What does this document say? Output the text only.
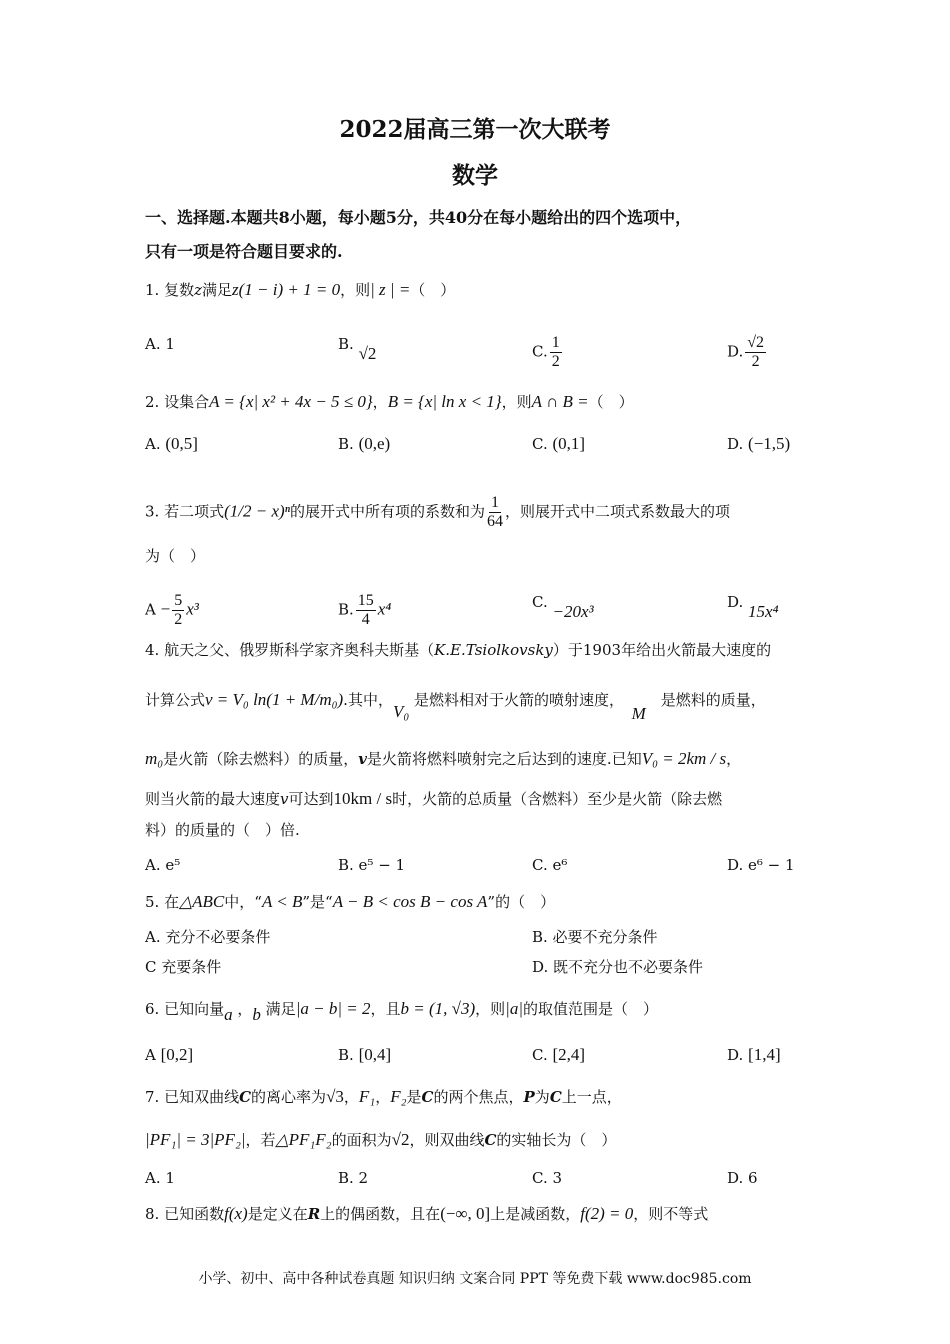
2022届高三第一次大联考
数学
一、选择题.本题共8小题，每小题5分，共40分在每小题给出的四个选项中，
只有一项是符合题目要求的.
1. 复数z满足z(1 − i) + 1 = 0，则| z | =（　）
A. 1	B. √2	C. $\frac{1}{2}$	D. $\frac{√2}{2}$
2. 设集合A = {x| x² + 4x − 5 ≤ 0}，B = {x| ln x < 1}，则A ∩ B =（　）
A. (0,5]	B. (0,e)	C. (0,1]	D. (−1,5)
3. 若二项式(1/2 − x)ⁿ的展开式中所有项的系数和为 $\frac{1}{64}$ ，则展开式中二项式系数最大的项
为（　）
$A - \frac{5}{2} x^3$	B. $\frac{15}{4} x^4$	C. −20x³	D. 15x⁴
4. 航天之父、俄罗斯科学家齐奥科夫斯基（K.E.Tsiolkovsky）于1903年给出火箭最大速度的
计算公式v = V₀ ln(1 + M/m₀).其中，V₀ 是燃料相对于火箭的喷射速度，　M　是燃料的质量，
m₀是火箭（除去燃料）的质量，v是火箭将燃料喷射完之后达到的速度.已知V₀ = 2km / s，
则当火箭的最大速度v可达到10km / s时，火箭的总质量（含燃料）至少是火箭（除去燃
料）的质量的（　）倍.
A. e⁵	B. e⁵ − 1	C. e⁶	D. e⁶ − 1
5. 在△ABC中，“A < B”是“A − B < cos B − cos A”的（　）
A. 充分不必要条件	B. 必要不充分条件
C 充要条件	D. 既不充分也不必要条件
6. 已知向量a ，b 满足|a − b| = 2，且b = (1, √3)，则|a|的取值范围是（　）
A [0,2]	B. [0,4]	C. [2,4]	D. [1,4]
7. 已知双曲线C的离心率为√3，F₁，F₂是C的两个焦点，P为C上一点，
|PF₁| = 3|PF₂|，若△PF₁F₂的面积为√2，则双曲线C的实轴长为（　）
A. 1	B. 2	C. 3	D. 6
8. 已知函数f(x)是定义在R上的偶函数，且在(−∞, 0]上是减函数，f(2) = 0，则不等式
小学、初中、高中各种试卷真题 知识归纳 文案合同 PPT 等免费下载 www.doc985.com
